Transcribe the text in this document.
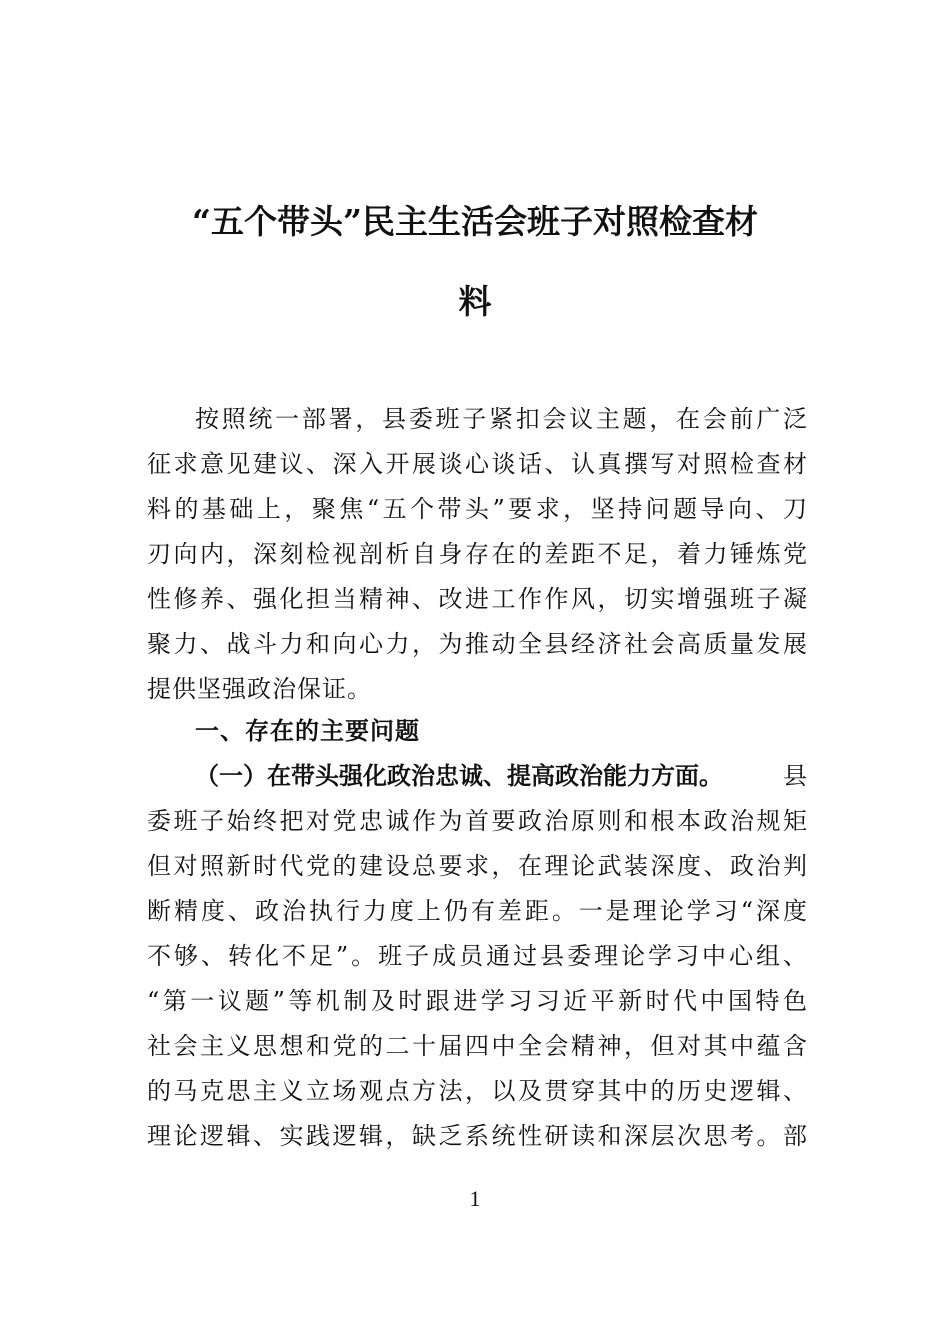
“五个带头”民主生活会班子对照检查材
料
按照统一部署，县委班子紧扣会议主题，在会前广泛
征求意见建议、深入开展谈心谈话、认真撰写对照检查材
料的基础上，聚焦“五个带头”要求，坚持问题导向、刀
刃向内，深刻检视剖析自身存在的差距不足，着力锤炼党
性修养、强化担当精神、改进工作作风，切实增强班子凝
聚力、战斗力和向心力，为推动全县经济社会高质量发展
提供坚强政治保证。
一、存在的主要问题
（一）在带头强化政治忠诚、提高政治能力方面。	县
委班子始终把对党忠诚作为首要政治原则和根本政治规矩
但对照新时代党的建设总要求，在理论武装深度、政治判
断精度、政治执行力度上仍有差距。一是理论学习“深度
不够、转化不足”。班子成员通过县委理论学习中心组、
“第一议题”等机制及时跟进学习习近平新时代中国特色
社会主义思想和党的二十届四中全会精神，但对其中蕴含
的马克思主义立场观点方法，以及贯穿其中的历史逻辑、
理论逻辑、实践逻辑，缺乏系统性研读和深层次思考。部
1
